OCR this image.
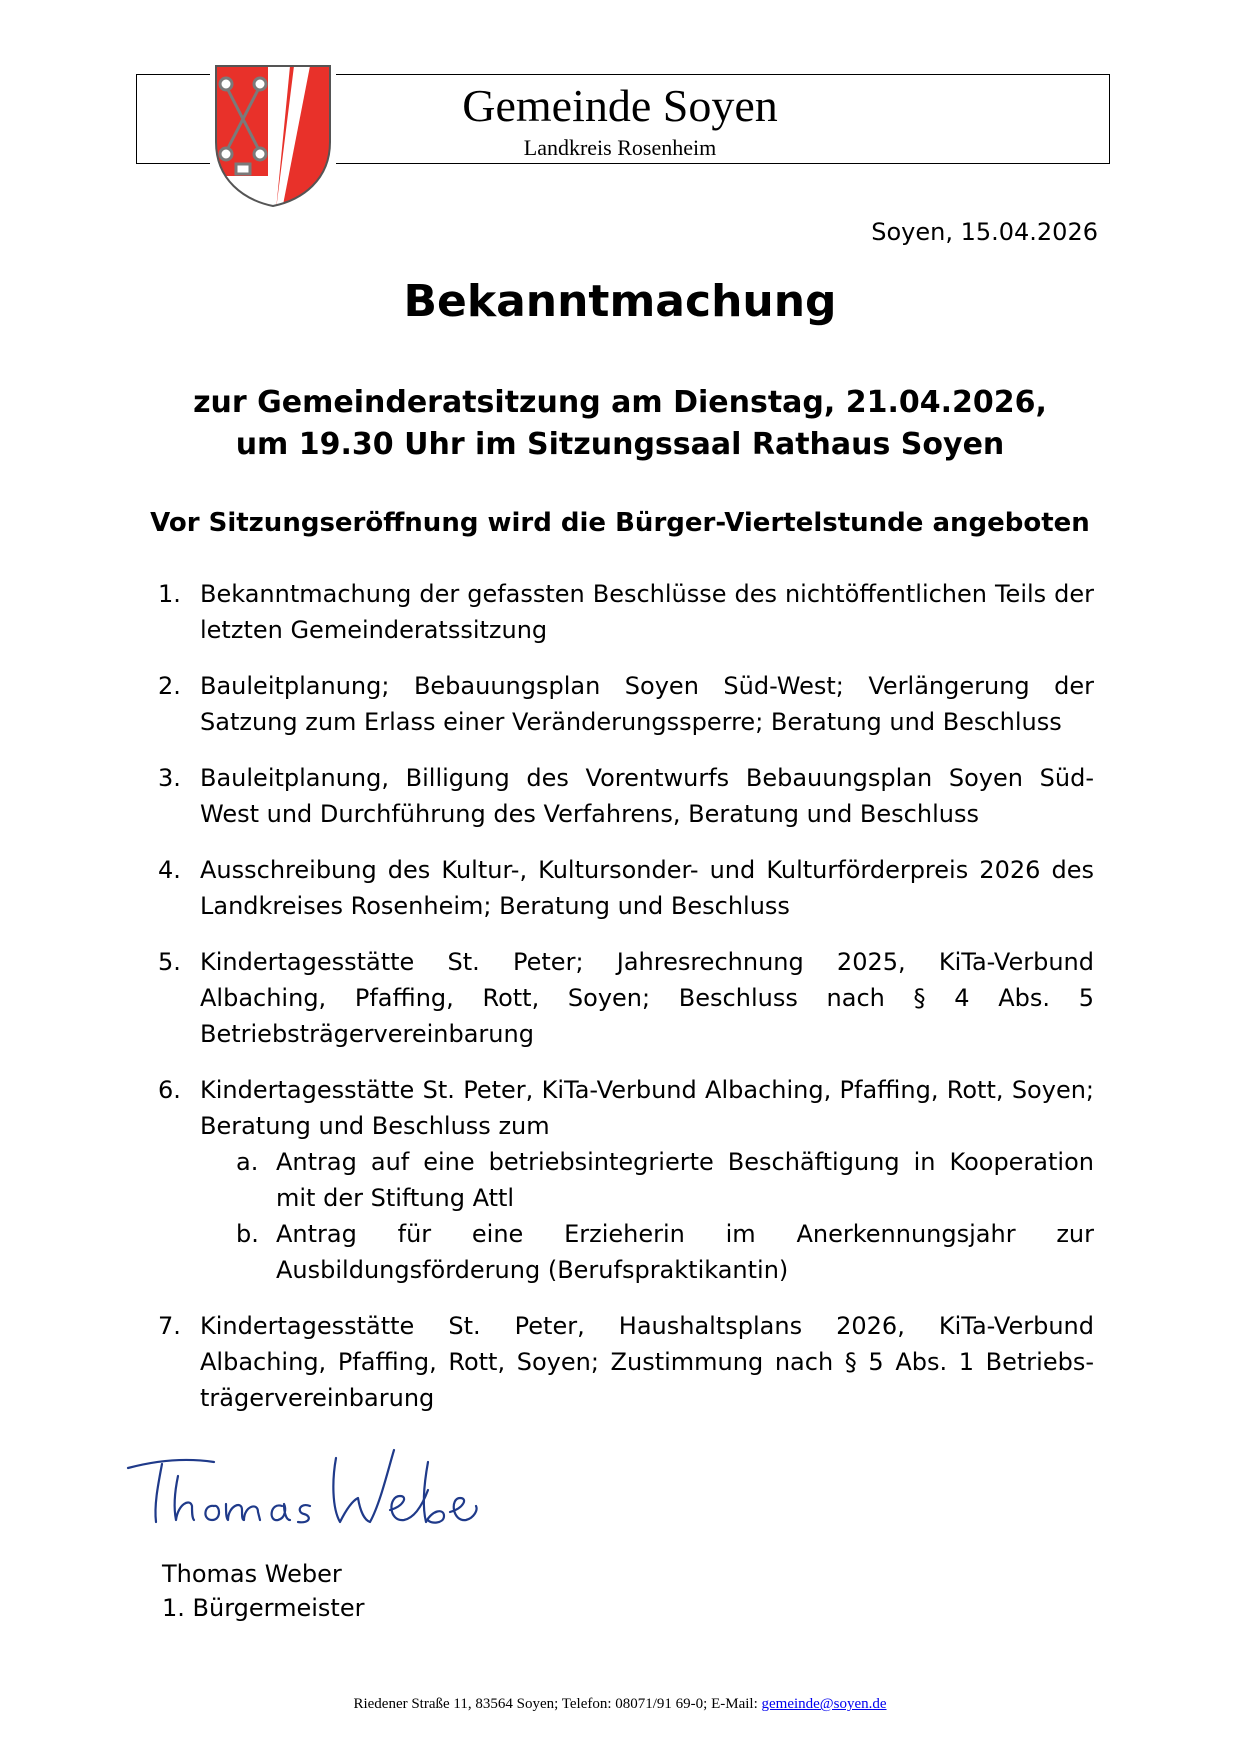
Gemeinde Soyen
Landkreis Rosenheim
Soyen, 15.04.2026
Bekanntmachung
zur Gemeinderatsitzung am Dienstag, 21.04.2026,
um 19.30 Uhr im Sitzungssaal Rathaus Soyen
Vor Sitzungseröffnung wird die Bürger-Viertelstunde angeboten
1. Bekanntmachung der gefassten Beschlüsse des nichtöffentlichen Teils der letzten Gemeinderatssitzung
2. Bauleitplanung; Bebauungsplan Soyen Süd-West; Verlängerung der Satzung zum Erlass einer Veränderungssperre; Beratung und Beschluss
3. Bauleitplanung, Billigung des Vorentwurfs Bebauungsplan Soyen Süd-West und Durchführung des Verfahrens, Beratung und Beschluss
4. Ausschreibung des Kultur-, Kultursonder- und Kulturförderpreis 2026 des Landkreises Rosenheim; Beratung und Beschluss
5. Kindertagesstätte St. Peter; Jahresrechnung 2025, KiTa-Verbund Albaching, Pfaffing, Rott, Soyen; Beschluss nach § 4 Abs. 5 Betriebsträgervereinbarung
6. Kindertagesstätte St. Peter, KiTa-Verbund Albaching, Pfaffing, Rott, Soyen; Beratung und Beschluss zum
a. Antrag auf eine betriebsintegrierte Beschäftigung in Kooperation mit der Stiftung Attl
b. Antrag für eine Erzieherin im Anerkennungsjahr zur Ausbildungsförderung (Berufspraktikantin)
7. Kindertagesstätte St. Peter, Haushaltsplans 2026, KiTa-Verbund Albaching, Pfaffing, Rott, Soyen; Zustimmung nach § 5 Abs. 1 Betriebs-trägervereinbarung
Thomas Weber
1. Bürgermeister
Riedener Straße 11, 83564 Soyen; Telefon: 08071/91 69-0; E-Mail: gemeinde@soyen.de
